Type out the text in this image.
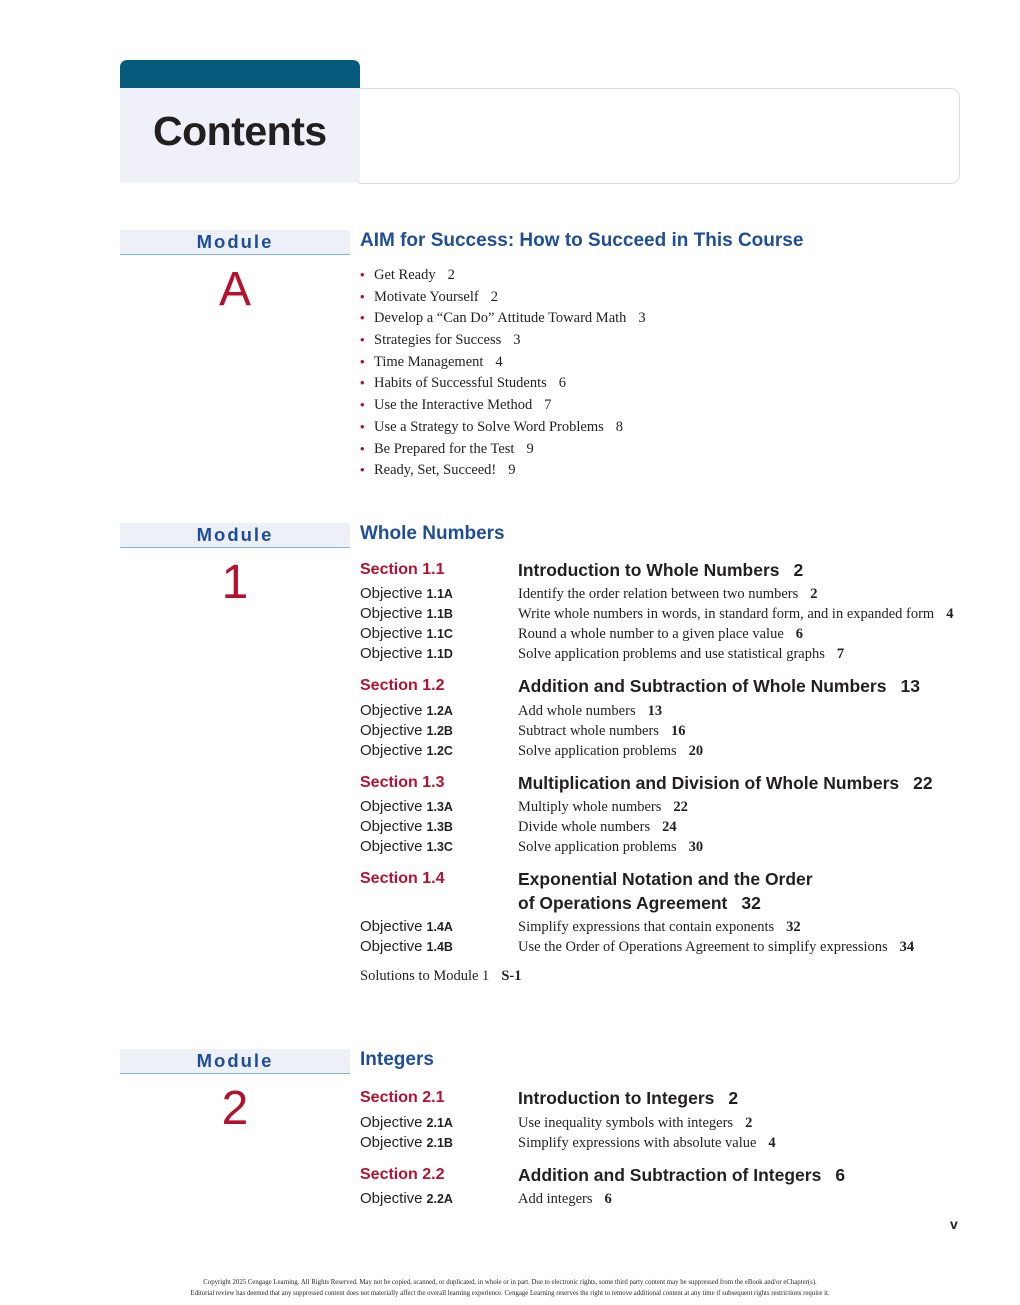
Contents
Module
A
AIM for Success: How to Succeed in This Course
• Get Ready 2
• Motivate Yourself 2
• Develop a “Can Do” Attitude Toward Math 3
• Strategies for Success 3
• Time Management 4
• Habits of Successful Students 6
• Use the Interactive Method 7
• Use a Strategy to Solve Word Problems 8
• Be Prepared for the Test 9
• Ready, Set, Succeed! 9
Module
1
Whole Numbers
Section 1.1	Introduction to Whole Numbers 2
Objective 1.1A	Identify the order relation between two numbers 2
Objective 1.1B	Write whole numbers in words, in standard form, and in expanded form 4
Objective 1.1C	Round a whole number to a given place value 6
Objective 1.1D	Solve application problems and use statistical graphs 7
Section 1.2	Addition and Subtraction of Whole Numbers 13
Objective 1.2A	Add whole numbers 13
Objective 1.2B	Subtract whole numbers 16
Objective 1.2C	Solve application problems 20
Section 1.3	Multiplication and Division of Whole Numbers 22
Objective 1.3A	Multiply whole numbers 22
Objective 1.3B	Divide whole numbers 24
Objective 1.3C	Solve application problems 30
Section 1.4	Exponential Notation and the Order
of Operations Agreement 32
Objective 1.4A	Simplify expressions that contain exponents 32
Objective 1.4B	Use the Order of Operations Agreement to simplify expressions 34
Solutions to Module 1 S-1
Module
2
Integers
Section 2.1	Introduction to Integers 2
Objective 2.1A	Use inequality symbols with integers 2
Objective 2.1B	Simplify expressions with absolute value 4
Section 2.2	Addition and Subtraction of Integers 6
Objective 2.2A	Add integers 6
v
Copyright 2025 Cengage Learning. All Rights Reserved. May not be copied, scanned, or duplicated, in whole or in part. Due to electronic rights, some third party content may be suppressed from the eBook and/or eChapter(s).
Editorial review has deemed that any suppressed content does not materially affect the overall learning experience. Cengage Learning reserves the right to remove additional content at any time if subsequent rights restrictions require it.
